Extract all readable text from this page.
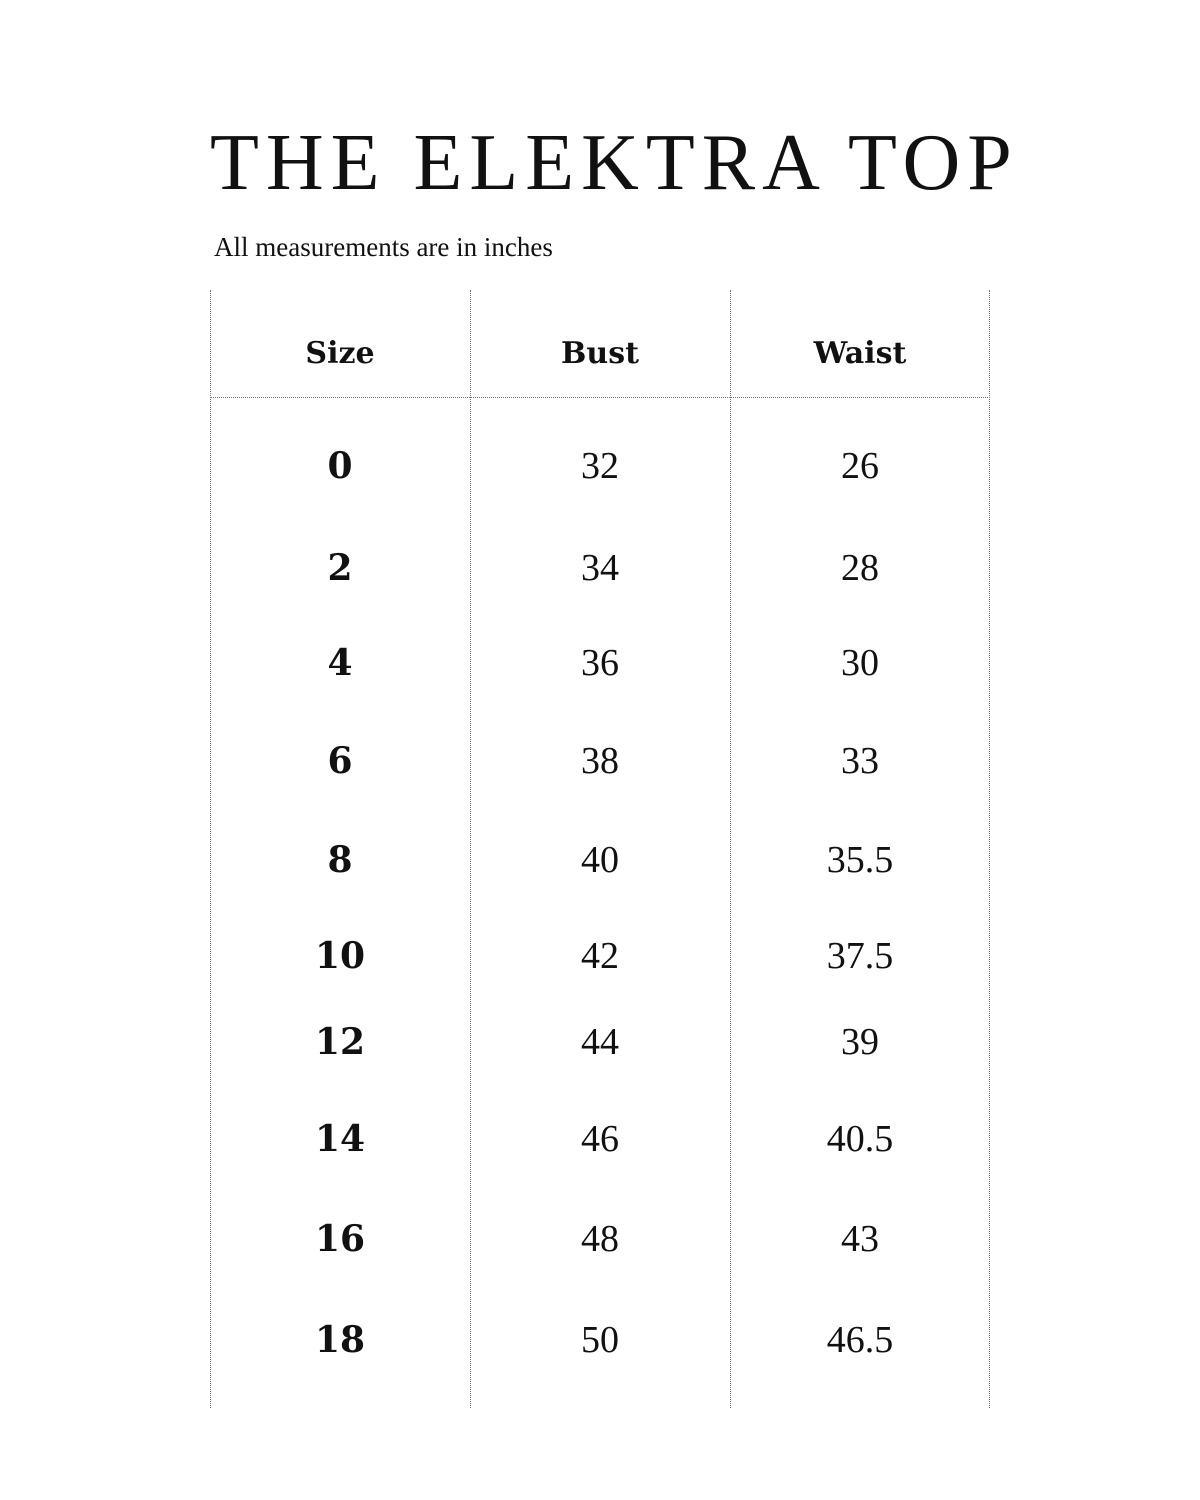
THE ELEKTRA TOP

All measurements are in inches

Size	Bust	Waist
0	32	26
2	34	28
4	36	30
6	38	33
8	40	35.5
10	42	37.5
12	44	39
14	46	40.5
16	48	43
18	50	46.5
